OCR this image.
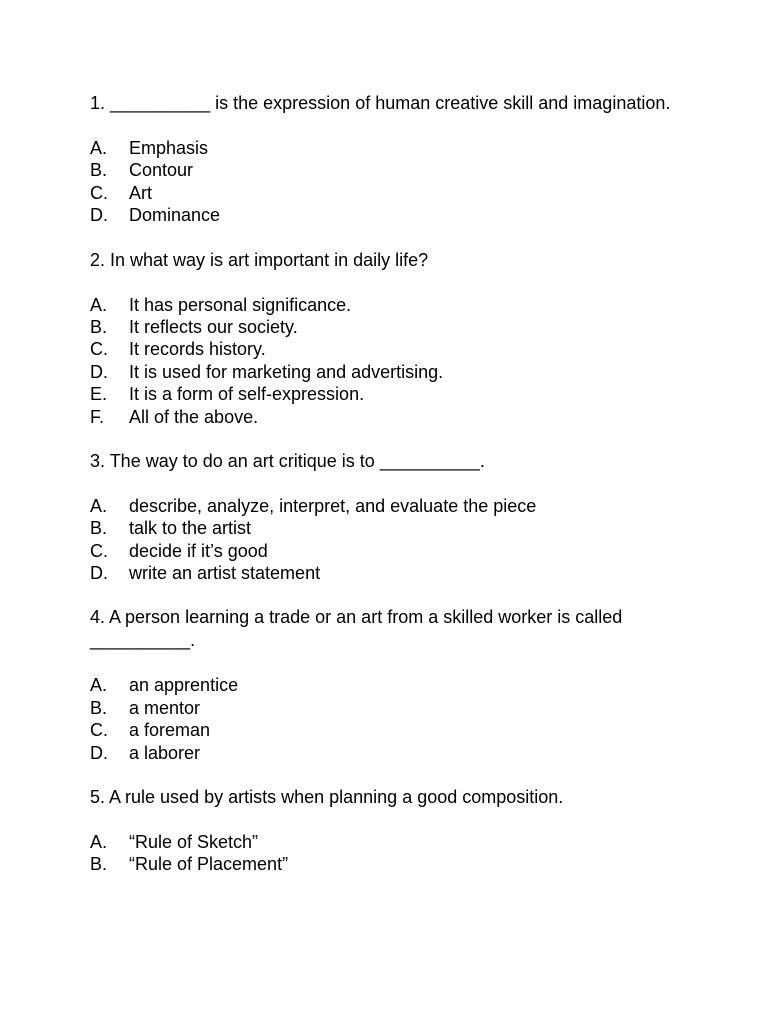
1. __________ is the expression of human creative skill and imagination.

A.	Emphasis
B.	Contour
C.	Art
D.	Dominance

2. In what way is art important in daily life?

A.	It has personal significance.
B.	It reflects our society.
C.	It records history.
D.	It is used for marketing and advertising.
E.	It is a form of self-expression.
F.	All of the above.

3. The way to do an art critique is to __________.

A.	describe, analyze, interpret, and evaluate the piece
B.	talk to the artist
C.	decide if it’s good
D.	write an artist statement

4. A person learning a trade or an art from a skilled worker is called __________.

A.	an apprentice
B.	a mentor
C.	a foreman
D.	a laborer

5. A rule used by artists when planning a good composition.

A.	“Rule of Sketch”
B.	“Rule of Placement”
